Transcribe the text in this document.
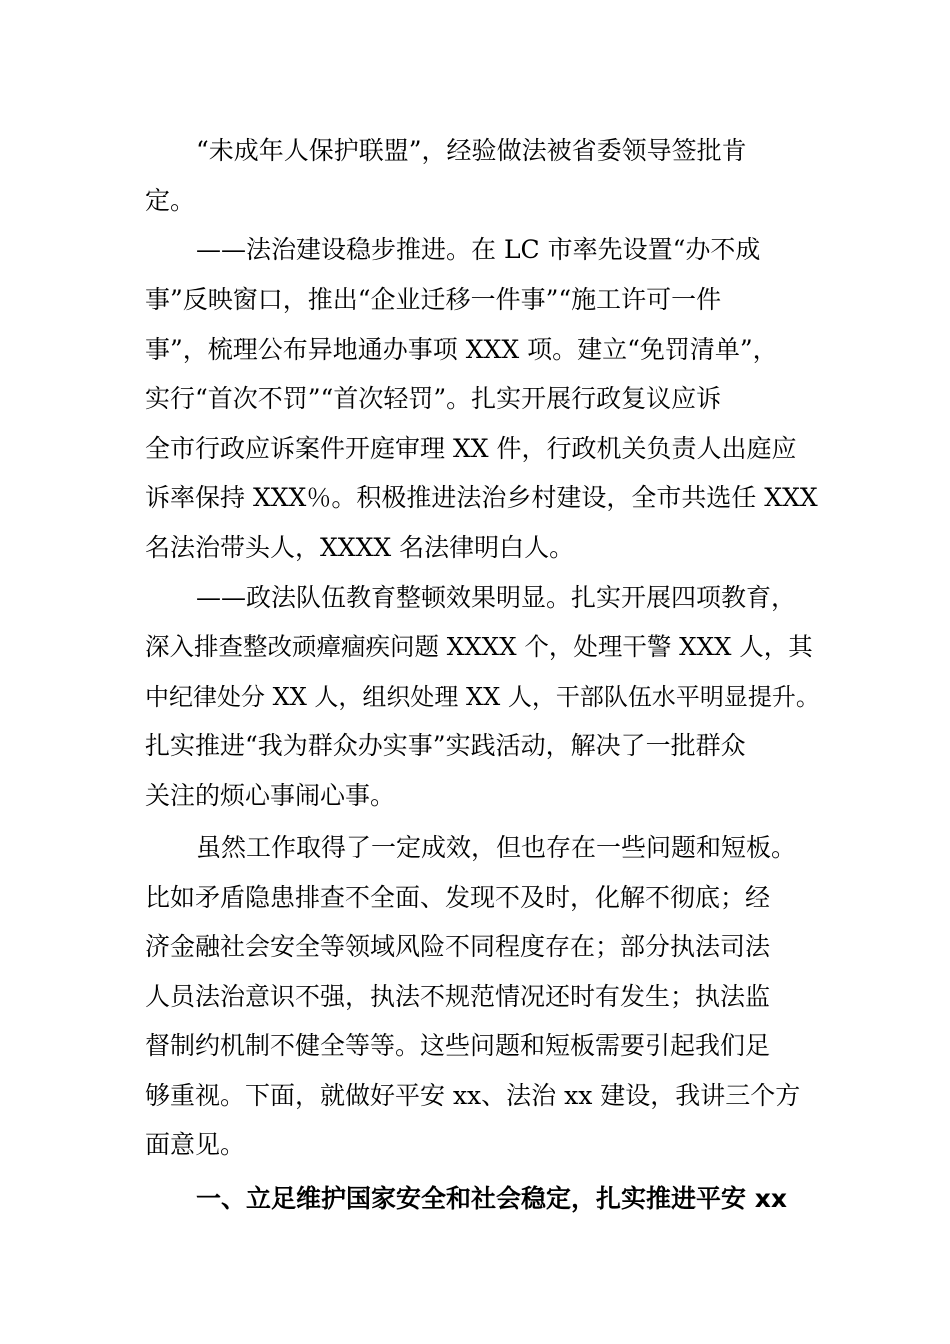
“未成年人保护联盟”，经验做法被省委领导签批肯
定。
——法治建设稳步推进。在 LC 市率先设置“办不成
事”反映窗口，推出“企业迁移一件事”“施工许可一件
事”，梳理公布异地通办事项 XXX 项。建立“免罚清单”，
实行“首次不罚”“首次轻罚”。扎实开展行政复议应诉
全市行政应诉案件开庭审理 XX 件，行政机关负责人出庭应
诉率保持 XXX％。积极推进法治乡村建设，全市共选任 XXX
名法治带头人，XXXX 名法律明白人。
——政法队伍教育整顿效果明显。扎实开展四项教育，
深入排查整改顽瘴痼疾问题 XXXX 个，处理干警 XXX 人，其
中纪律处分 XX 人，组织处理 XX 人，干部队伍水平明显提升。
扎实推进“我为群众办实事”实践活动，解决了一批群众
关注的烦心事闹心事。
虽然工作取得了一定成效，但也存在一些问题和短板。
比如矛盾隐患排查不全面、发现不及时，化解不彻底；经
济金融社会安全等领域风险不同程度存在；部分执法司法
人员法治意识不强，执法不规范情况还时有发生；执法监
督制约机制不健全等等。这些问题和短板需要引起我们足
够重视。下面，就做好平安 xx、法治 xx 建设，我讲三个方
面意见。
一、立足维护国家安全和社会稳定，扎实推进平安 xx
